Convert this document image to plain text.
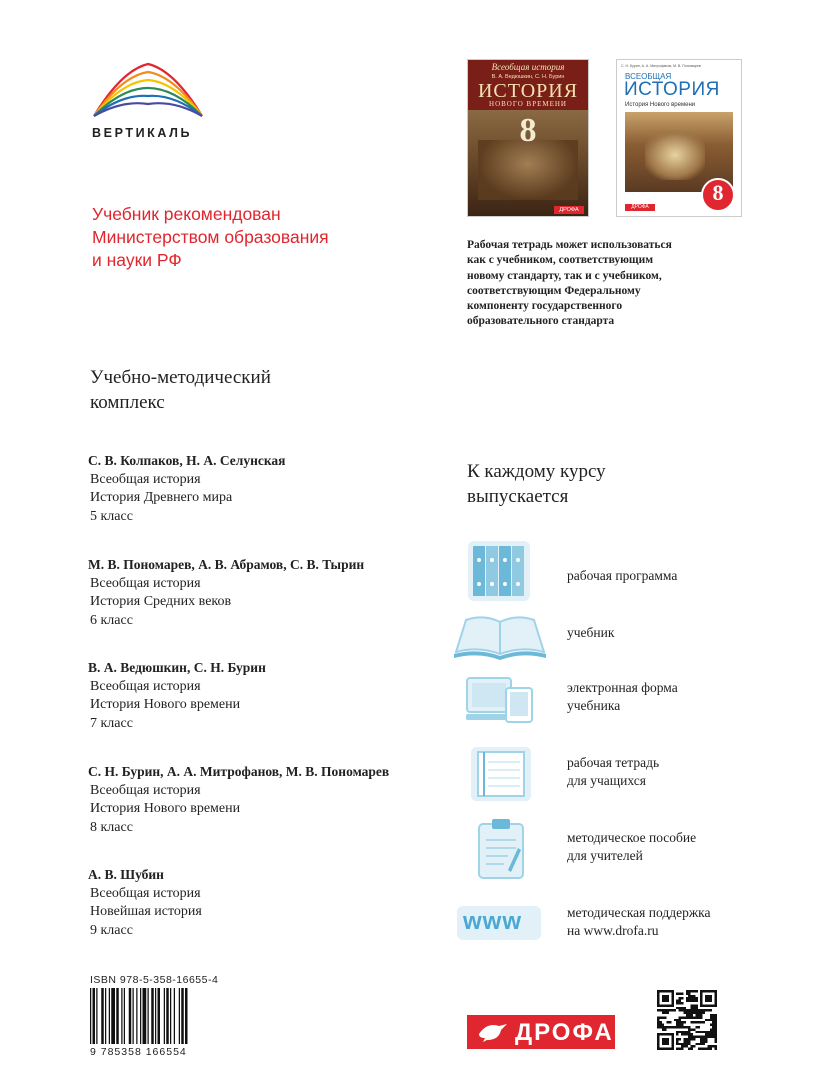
ВЕРТИКАЛЬ
Учебник рекомендован
Министерством образования
и науки РФ
Всеобщая история
В. А. Ведюшкин, С. Н. Бурин
ИСТОРИЯ
НОВОГО ВРЕМЕНИ
8
ДРОФА
С. Н. Бурин, А. А. Митрофанов, М. В. Пономарев
ВСЕОБЩАЯ
ИСТОРИЯ
История Нового времени
8
ДРОФА
Рабочая тетрадь может использоваться
как с учебником, соответствующим
новому стандарту, так и с учебником,
соответствующим Федеральному
компоненту государственного
образовательного стандарта
Учебно-методический
комплекс
С. В. Колпаков, Н. А. Селунская
Всеобщая история
История Древнего мира
5 класс
М. В. Пономарев, А. В. Абрамов, С. В. Тырин
Всеобщая история
История Средних веков
6 класс
В. А. Ведюшкин, С. Н. Бурин
Всеобщая история
История Нового времени
7 класс
С. Н. Бурин, А. А. Митрофанов, М. В. Пономарев
Всеобщая история
История Нового времени
8 класс
А. В. Шубин
Всеобщая история
Новейшая история
9 класс
К каждому курсу
выпускается
www
рабочая программа
учебник
электронная форма
учебника
рабочая тетрадь
для учащихся
методическое пособие
для учителей
методическая поддержка
на www.drofa.ru
ISBN 978-5-358-16655-4
9 785358 166554
ДРОФА
